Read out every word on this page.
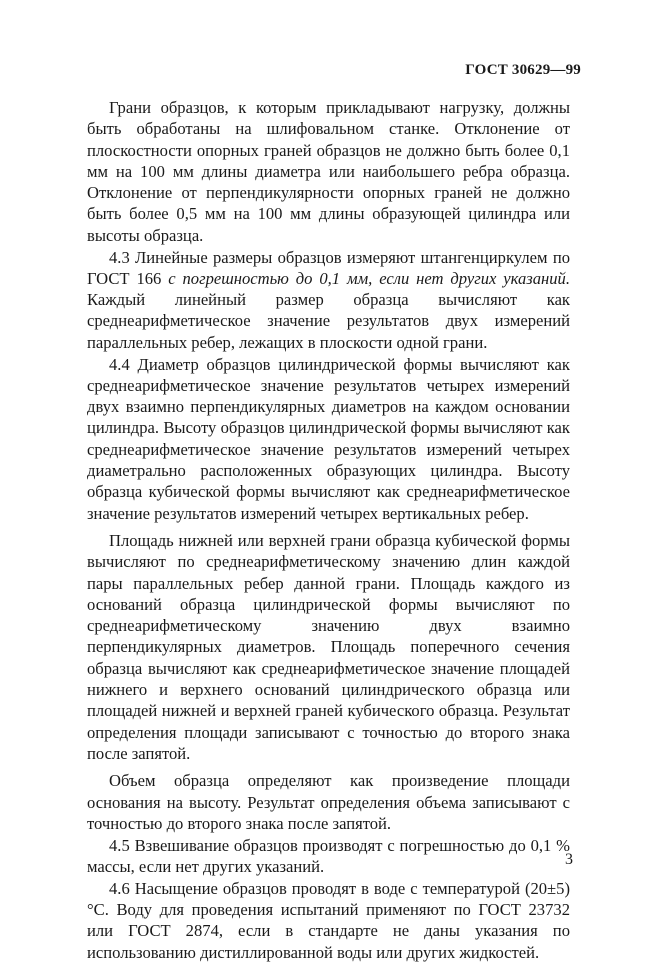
ГОСТ 30629—99

Грани образцов, к которым прикладывают нагрузку, должны быть обработаны на шлифовальном станке. Отклонение от плоскостности опорных граней образцов не должно быть более 0,1 мм на 100 мм длины диаметра или наибольшего ребра образца. Отклонение от перпендикулярности опорных граней не должно быть более 0,5 мм на 100 мм длины образующей цилиндра или высоты образца.

4.3 Линейные размеры образцов измеряют штангенциркулем по ГОСТ 166 с погрешностью до 0,1 мм, если нет других указаний. Каждый линейный размер образца вычисляют как среднеарифметическое значение результатов двух измерений параллельных ребер, лежащих в плоскости одной грани.

4.4 Диаметр образцов цилиндрической формы вычисляют как среднеарифметическое значение результатов четырех измерений двух взаимно перпендикулярных диаметров на каждом основании цилиндра. Высоту образцов цилиндрической формы вычисляют как среднеарифметическое значение результатов измерений четырех диаметрально расположенных образующих цилиндра. Высоту образца кубической формы вычисляют как среднеарифметическое значение результатов измерений четырех вертикальных ребер.

Площадь нижней или верхней грани образца кубической формы вычисляют по среднеарифметическому значению длин каждой пары параллельных ребер данной грани. Площадь каждого из оснований образца цилиндрической формы вычисляют по среднеарифметическому значению двух взаимно перпендикулярных диаметров. Площадь поперечного сечения образца вычисляют как среднеарифметическое значение площадей нижнего и верхнего оснований цилиндрического образца или площадей нижней и верхней граней кубического образца. Результат определения площади записывают с точностью до второго знака после запятой.

Объем образца определяют как произведение площади основания на высоту. Результат определения объема записывают с точностью до второго знака после запятой.

4.5 Взвешивание образцов производят с погрешностью до 0,1 % массы, если нет других указаний.

4.6 Насыщение образцов проводят в воде с температурой (20±5) °С. Воду для проведения испытаний применяют по ГОСТ 23732 или ГОСТ 2874, если в стандарте не даны указания по использованию дистиллированной воды или других жидкостей.

3
